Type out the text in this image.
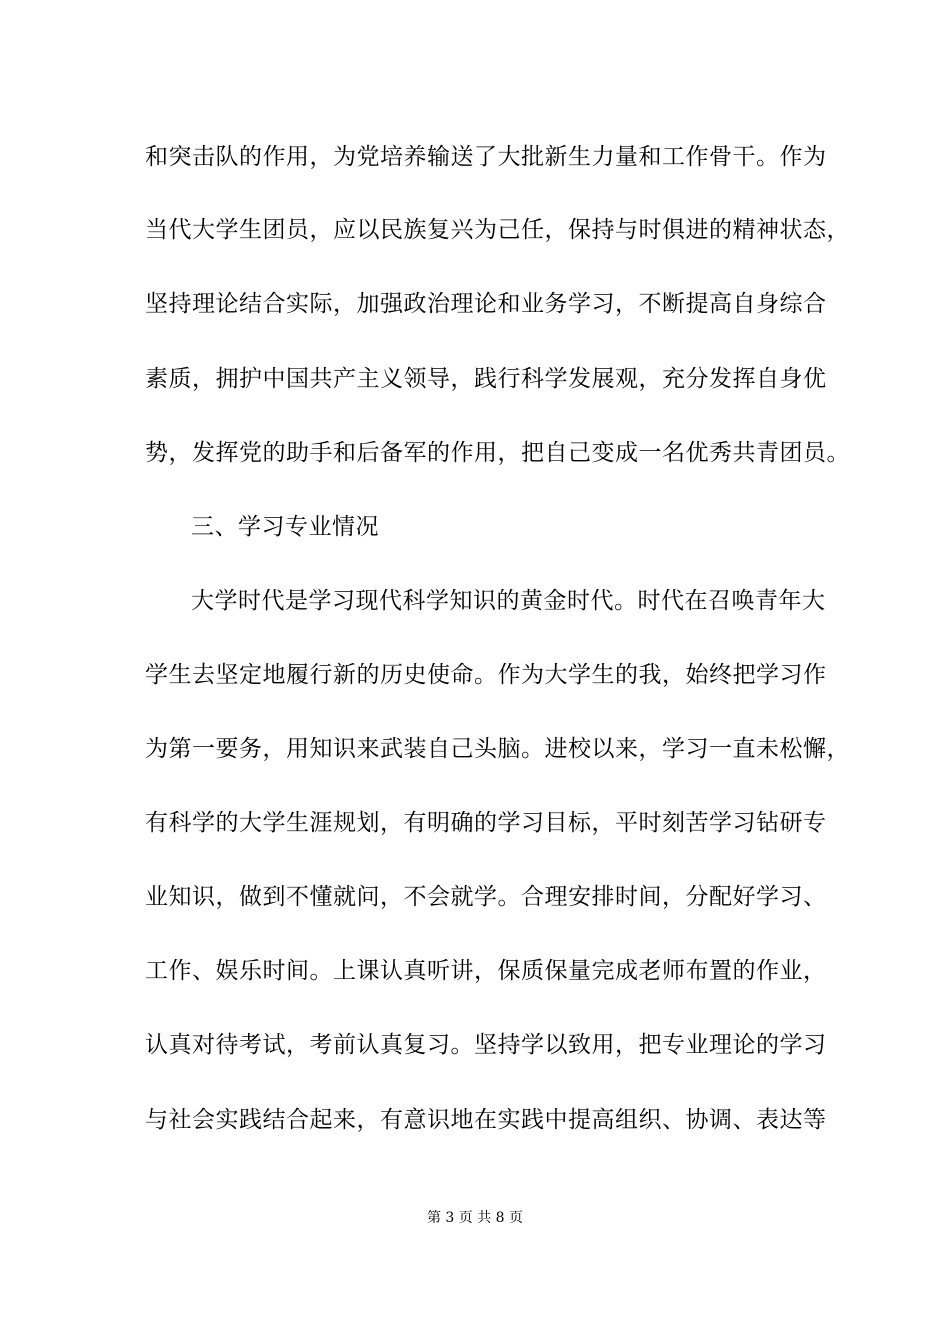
和突击队的作用，为党培养输送了大批新生力量和工作骨干。作为
当代大学生团员，应以民族复兴为己任，保持与时俱进的精神状态，
坚持理论结合实际，加强政治理论和业务学习，不断提高自身综合
素质，拥护中国共产主义领导，践行科学发展观，充分发挥自身优
势，发挥党的助手和后备军的作用，把自己变成一名优秀共青团员。
三、学习专业情况
大学时代是学习现代科学知识的黄金时代。时代在召唤青年大
学生去坚定地履行新的历史使命。作为大学生的我，始终把学习作
为第一要务，用知识来武装自己头脑。进校以来，学习一直未松懈，
有科学的大学生涯规划，有明确的学习目标，平时刻苦学习钻研专
业知识，做到不懂就问，不会就学。合理安排时间，分配好学习、
工作、娱乐时间。上课认真听讲，保质保量完成老师布置的作业，
认真对待考试，考前认真复习。坚持学以致用，把专业理论的学习
与社会实践结合起来，有意识地在实践中提高组织、协调、表达等
第 3 页 共 8 页
